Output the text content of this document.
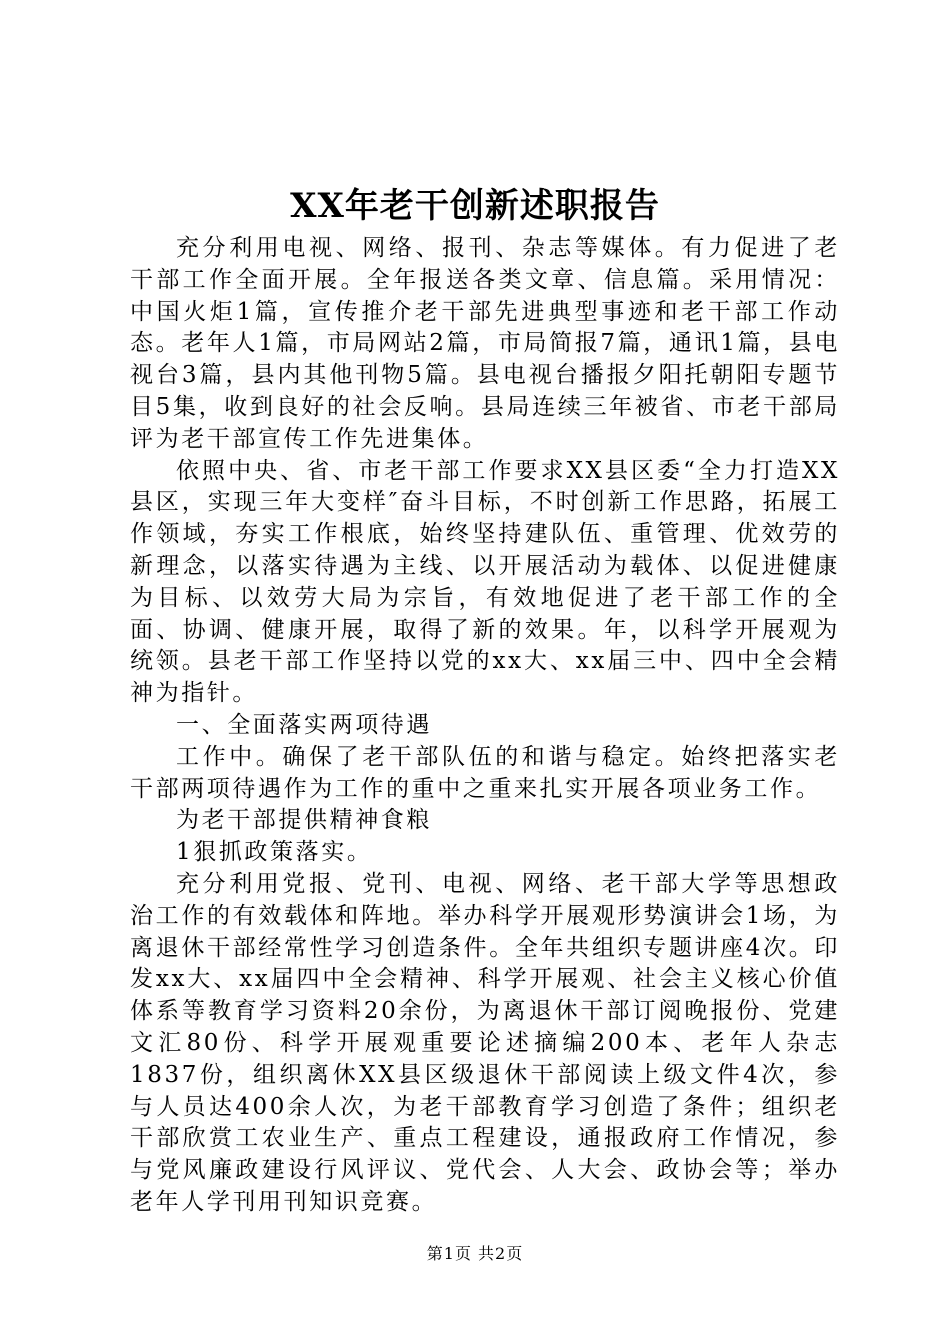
XX年老干创新述职报告

充分利用电视、网络、报刊、杂志等媒体。有力促进了老干部工作全面开展。全年报送各类文章、信息篇。采用情况：中国火炬1篇，宣传推介老干部先进典型事迹和老干部工作动态。老年人1篇，市局网站2篇，市局简报7篇，通讯1篇，县电视台3篇，县内其他刊物5篇。县电视台播报夕阳托朝阳专题节目5集，收到良好的社会反响。县局连续三年被省、市老干部局评为老干部宣传工作先进集体。

依照中央、省、市老干部工作要求XX县区委“全力打造XX县区，实现三年大变样″奋斗目标，不时创新工作思路，拓展工作领域，夯实工作根底，始终坚持建队伍、重管理、优效劳的新理念，以落实待遇为主线、以开展活动为载体、以促进健康为目标、以效劳大局为宗旨，有效地促进了老干部工作的全面、协调、健康开展，取得了新的效果。年，以科学开展观为统领。县老干部工作坚持以党的xx大、xx届三中、四中全会精神为指针。

一、全面落实两项待遇

工作中。确保了老干部队伍的和谐与稳定。始终把落实老干部两项待遇作为工作的重中之重来扎实开展各项业务工作。

为老干部提供精神食粮

1狠抓政策落实。

充分利用党报、党刊、电视、网络、老干部大学等思想政治工作的有效载体和阵地。举办科学开展观形势演讲会1场，为离退休干部经常性学习创造条件。全年共组织专题讲座4次。印发xx大、xx届四中全会精神、科学开展观、社会主义核心价值体系等教育学习资料20余份，为离退休干部订阅晚报份、党建文汇80份、科学开展观重要论述摘编200本、老年人杂志1837份，组织离休XX县区级退休干部阅读上级文件4次，参与人员达400余人次，为老干部教育学习创造了条件；组织老干部欣赏工农业生产、重点工程建设，通报政府工作情况，参与党风廉政建设行风评议、党代会、人大会、政协会等；举办老年人学刊用刊知识竞赛。

第1页 共2页
